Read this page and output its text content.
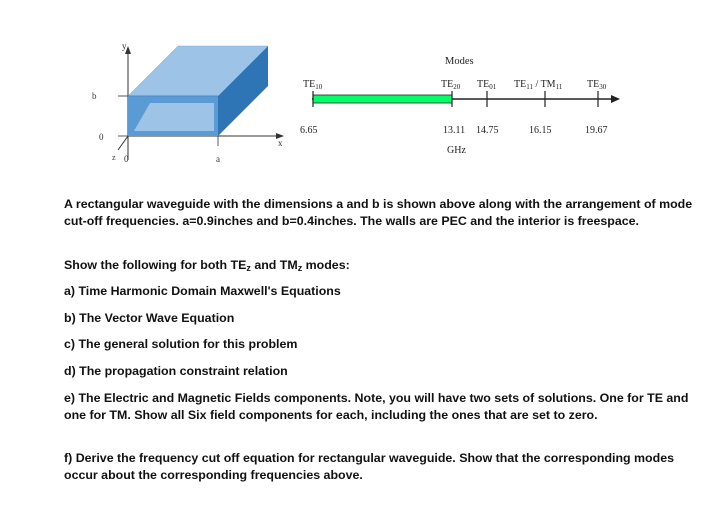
y
x
z 0
b
0
a
Modes
$TE_{10}$	$TE_{20}$ $TE_{01}$ $TE_{11} / TM_{11}$ $TE_{30}$
6.65	13.11 14.75	16.15	19.67
GHz
A rectangular waveguide with the dimensions a and b is shown above along with the arrangement of mode cut-off frequencies. a=0.9inches and b=0.4inches. The walls are PEC and the interior is freespace.
Show the following for both $TE_z$ and $TM_z$ modes:
a) Time Harmonic Domain Maxwell's Equations
b) The Vector Wave Equation
c) The general solution for this problem
d) The propagation constraint relation
e) The Electric and Magnetic Fields components. Note, you will have two sets of solutions. One for TE and one for TM. Show all Six field components for each, including the ones that are set to zero.
f) Derive the frequency cut off equation for rectangular waveguide. Show that the corresponding modes occur about the corresponding frequencies above.
